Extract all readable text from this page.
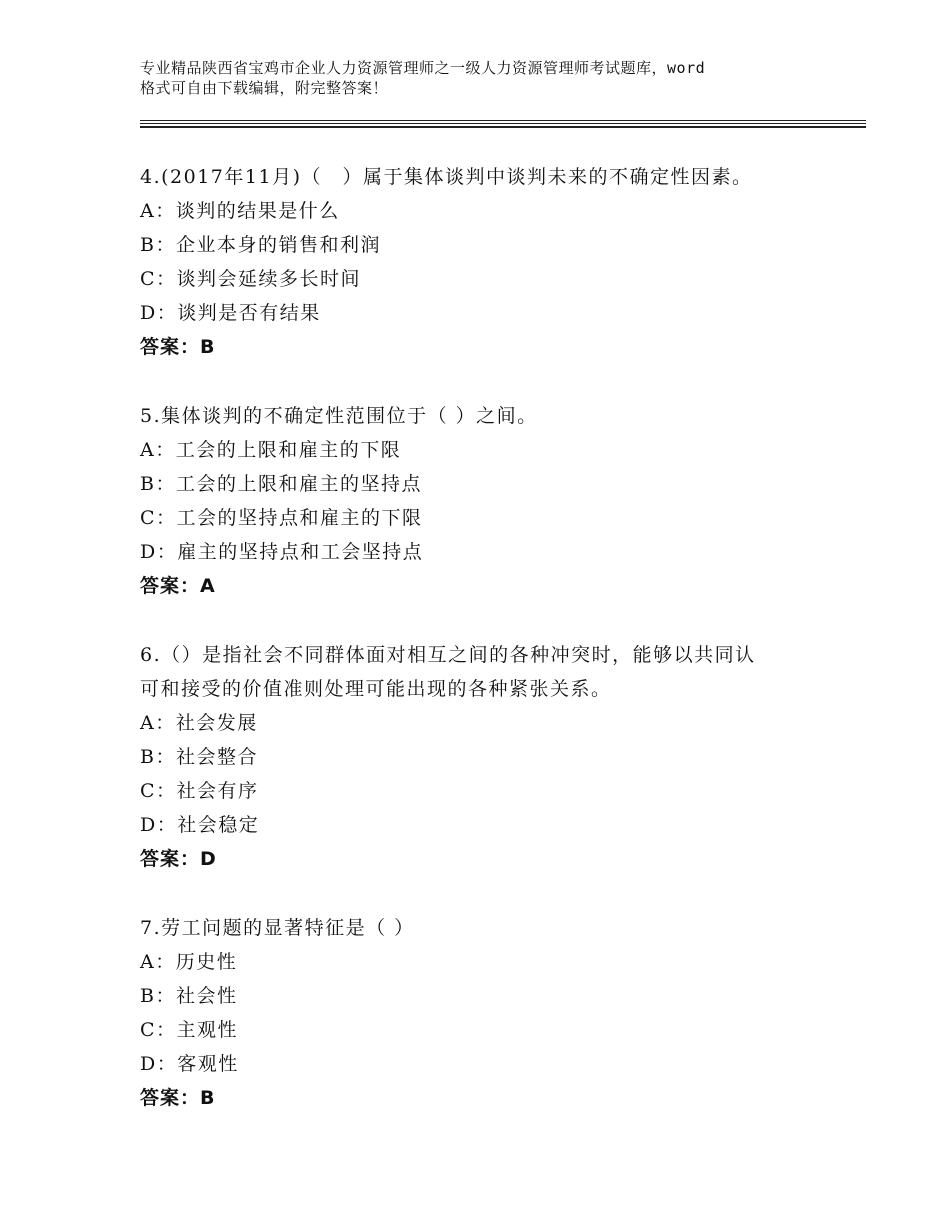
专业精品陕西省宝鸡市企业人力资源管理师之一级人力资源管理师考试题库，word
格式可自由下载编辑，附完整答案！
4.(2017年11月)（　）属于集体谈判中谈判未来的不确定性因素。
A：谈判的结果是什么
B：企业本身的销售和利润
C：谈判会延续多长时间
D：谈判是否有结果
答案：B
5.集体谈判的不确定性范围位于（ ）之间。
A：工会的上限和雇主的下限
B：工会的上限和雇主的坚持点
C：工会的坚持点和雇主的下限
D：雇主的坚持点和工会坚持点
答案：A
6.（）是指社会不同群体面对相互之间的各种冲突时，能够以共同认
可和接受的价值准则处理可能出现的各种紧张关系。
A：社会发展
B：社会整合
C：社会有序
D：社会稳定
答案：D
7.劳工问题的显著特征是（ ）
A：历史性
B：社会性
C：主观性
D：客观性
答案：B
